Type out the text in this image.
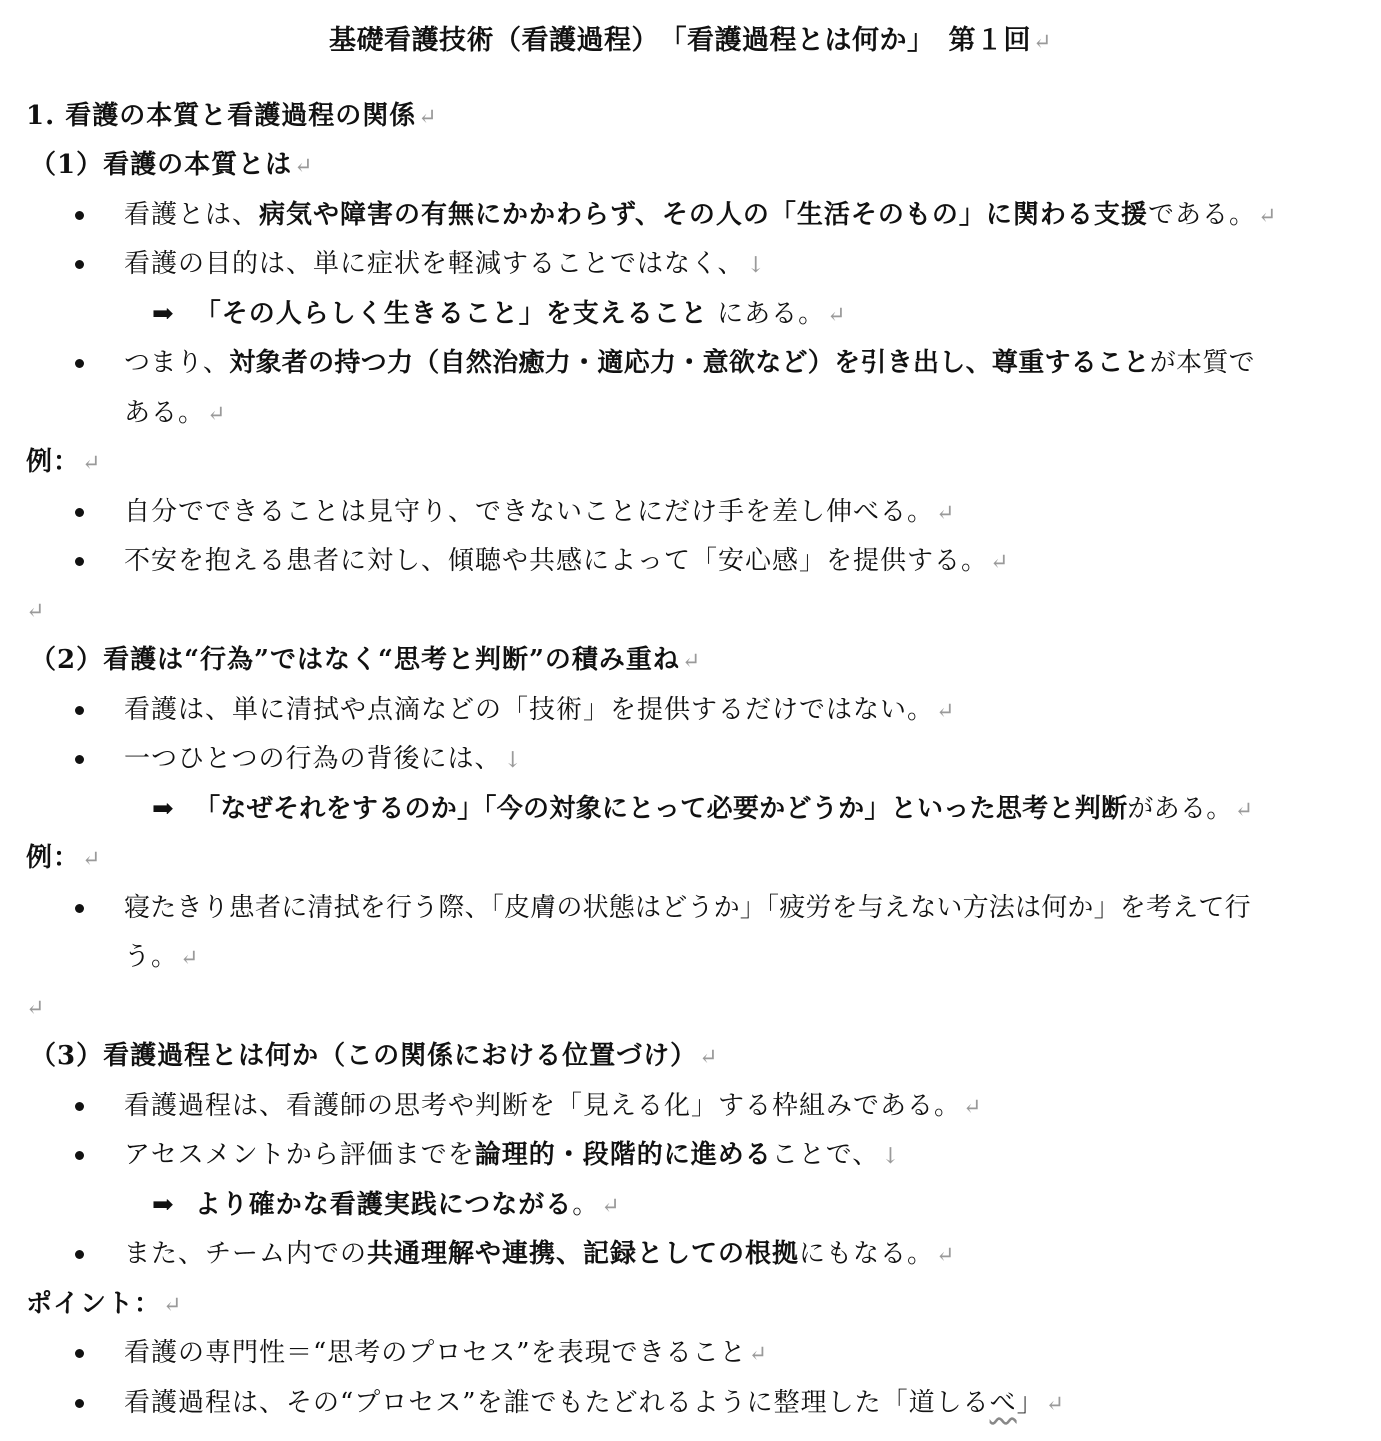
基礎看護技術（看護過程）　「看護過程とは何か」　第１回↵
1. 看護の本質と看護過程の関係↵
（1）看護の本質とは↵
看護とは、病気や障害の有無にかかわらず、その人の「生活そのもの」に関わる支援である。↵
看護の目的は、単に症状を軽減することではなく、↓
➡ 「その人らしく生きること」を支えること にある。↵
つまり、対象者の持つ力（自然治癒力・適応力・意欲など）を引き出し、尊重することが本質で
ある。↵
例：↵
自分でできることは見守り、できないことにだけ手を差し伸べる。↵
不安を抱える患者に対し、傾聴や共感によって「安心感」を提供する。↵
↵
（2）看護は“行為”ではなく“思考と判断”の積み重ね↵
看護は、単に清拭や点滴などの「技術」を提供するだけではない。↵
一つひとつの行為の背後には、↓
➡ 「なぜそれをするのか」「今の対象にとって必要かどうか」といった思考と判断がある。↵
例：↵
寝たきり患者に清拭を行う際、「皮膚の状態はどうか」「疲労を与えない方法は何か」を考えて行
う。↵
↵
（3）看護過程とは何か（この関係における位置づけ）↵
看護過程は、看護師の思考や判断を「見える化」する枠組みである。↵
アセスメントから評価までを論理的・段階的に進めることで、↓
➡ より確かな看護実践につながる。↵
また、チーム内での共通理解や連携、記録としての根拠にもなる。↵
ポイント：↵
看護の専門性＝“思考のプロセス”を表現できること↵
看護過程は、その“プロセス”を誰でもたどれるように整理した「道しるべ」↵
